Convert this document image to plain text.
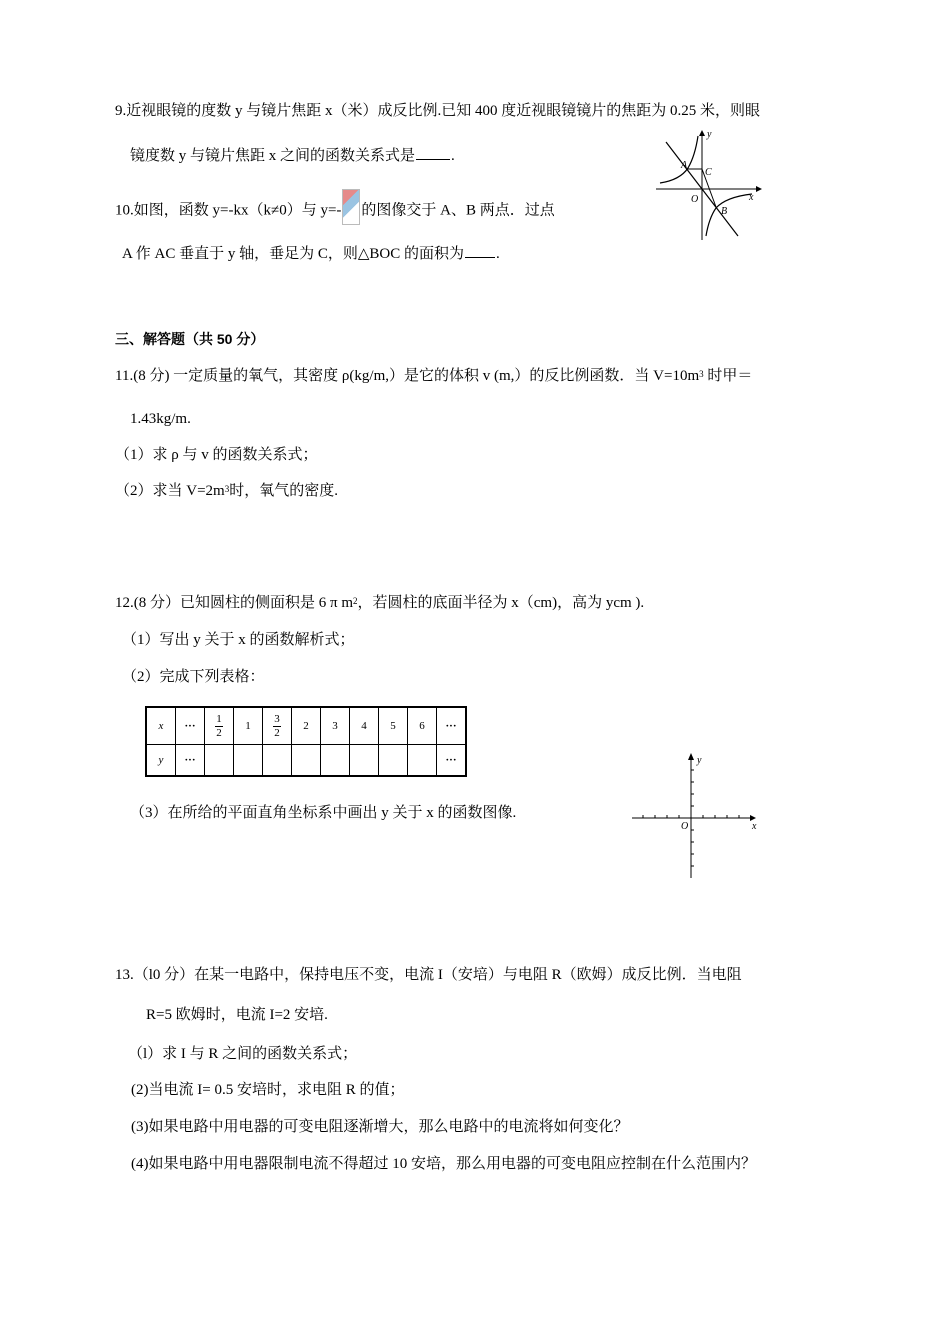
9.近视眼镜的度数 y 与镜片焦距 x（米）成反比例.已知 400 度近视眼镜镜片的焦距为 0.25 米，则眼
镜度数 y 与镜片焦距 x 之间的函数关系式是 .
10.如图，函数 y=-kx（k≠0）与 y=- 的图像交于 A、B 两点．过点
A 作 AC 垂直于 y 轴，垂足为 C，则△BOC 的面积为 .
y
x
A
C
O
B
三、解答题（共 50 分）
11.(8 分) 一定质量的氧气，其密度 ρ(kg/m,）是它的体积 v (m,）的反比例函数．当 $V=10m^3$ 时甲＝
1.43kg/m.
（1）求 ρ 与 v 的函数关系式；
（2）求当 $V=2m^3$时，氧气的密度.
12.(8 分）已知圆柱的侧面积是 6 π $m^2$，若圆柱的底面半径为 x（cm)，高为 ycm ).
（1）写出 y 关于 x 的函数解析式；
（2）完成下列表格：
x	···	$\frac{1}{2}$	1	$\frac{3}{2}$	2	3	4	5	6	···
y	···									···
（3）在所给的平面直角坐标系中画出 y 关于 x 的函数图像.
y
x
O
13.（l0 分）在某一电路中，保持电压不变，电流 I（安培）与电阻 R（欧姆）成反比例．当电阻
R=5 欧姆时，电流 I=2 安培.
（l）求 I 与 R 之间的函数关系式；
(2)当电流 I= 0.5 安培时，求电阻 R 的值；
(3)如果电路中用电器的可变电阻逐渐增大，那么电路中的电流将如何变化？
(4)如果电路中用电器限制电流不得超过 10 安培，那么用电器的可变电阻应控制在什么范围内？
